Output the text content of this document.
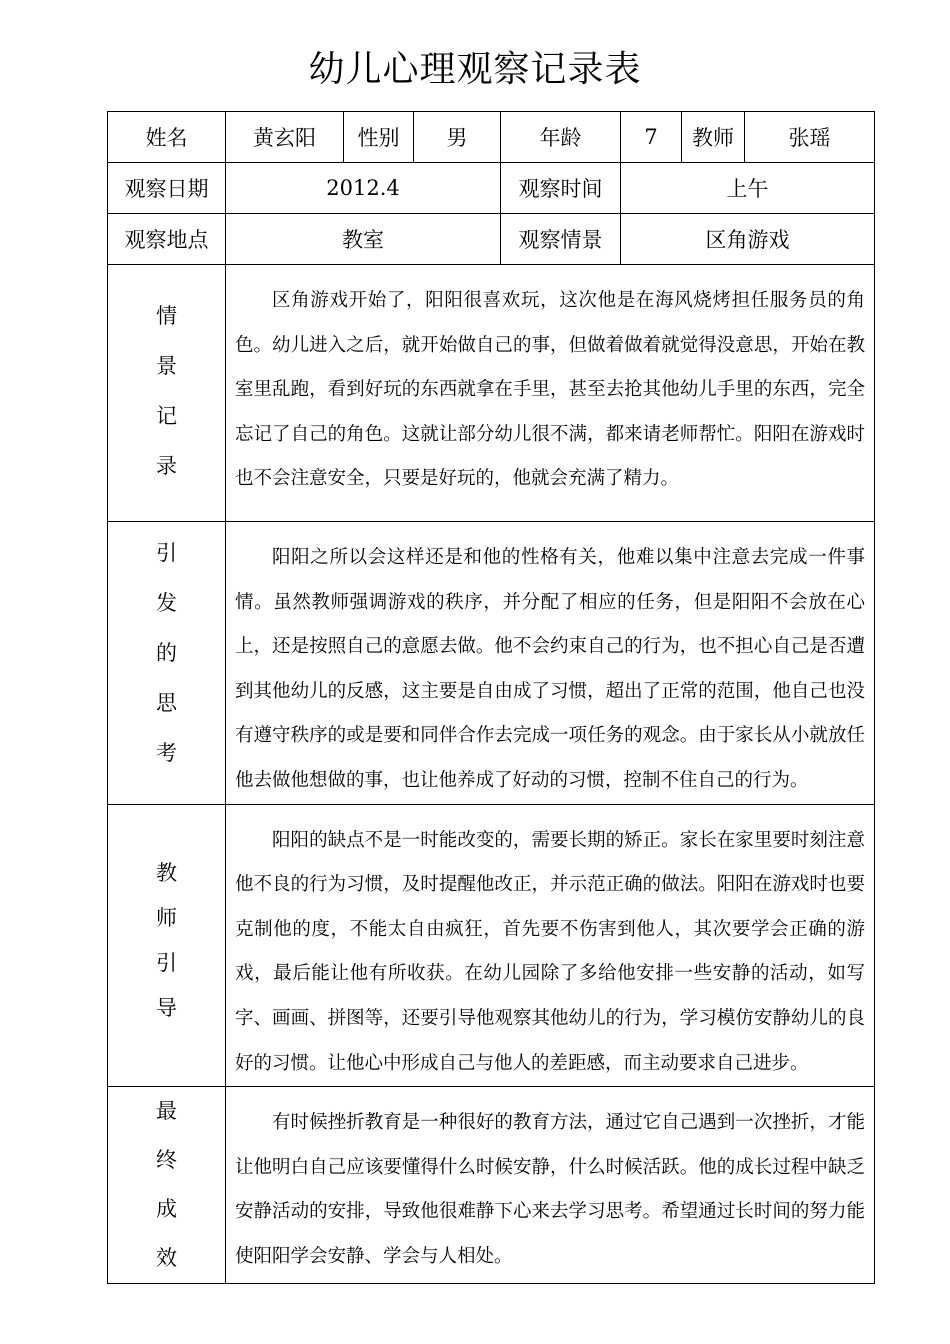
幼儿心理观察记录表
姓名	黄玄阳	性别	男	年龄	7	教师	张瑶
观察日期	2012.4			观察时间	上午		
观察地点	教室			观察情景	区角游戏		

情
景
记
录	区角游戏开始了，阳阳很喜欢玩，这次他是在海风烧烤担任服务员的角色。幼儿进入之后，就开始做自己的事，但做着做着就觉得没意思，开始在教室里乱跑，看到好玩的东西就拿在手里，甚至去抢其他幼儿手里的东西，完全忘记了自己的角色。这就让部分幼儿很不满，都来请老师帮忙。阳阳在游戏时也不会注意安全，只要是好玩的，他就会充满了精力。						

引
发
的
思
考	阳阳之所以会这样还是和他的性格有关，他难以集中注意去完成一件事情。虽然教师强调游戏的秩序，并分配了相应的任务，但是阳阳不会放在心上，还是按照自己的意愿去做。他不会约束自己的行为，也不担心自己是否遭到其他幼儿的反感，这主要是自由成了习惯，超出了正常的范围，他自己也没有遵守秩序的或是要和同伴合作去完成一项任务的观念。由于家长从小就放任他去做他想做的事，也让他养成了好动的习惯，控制不住自己的行为。						

教
师
引
导	阳阳的缺点不是一时能改变的，需要长期的矫正。家长在家里要时刻注意他不良的行为习惯，及时提醒他改正，并示范正确的做法。阳阳在游戏时也要克制他的度，不能太自由疯狂，首先要不伤害到他人，其次要学会正确的游戏，最后能让他有所收获。在幼儿园除了多给他安排一些安静的活动，如写字、画画、拼图等，还要引导他观察其他幼儿的行为，学习模仿安静幼儿的良好的习惯。让他心中形成自己与他人的差距感，而主动要求自己进步。						

最
终
成
效	有时候挫折教育是一种很好的教育方法，通过它自己遇到一次挫折，才能让他明白自己应该要懂得什么时候安静，什么时候活跃。他的成长过程中缺乏安静活动的安排，导致他很难静下心来去学习思考。希望通过长时间的努力能使阳阳学会安静、学会与人相处。						
